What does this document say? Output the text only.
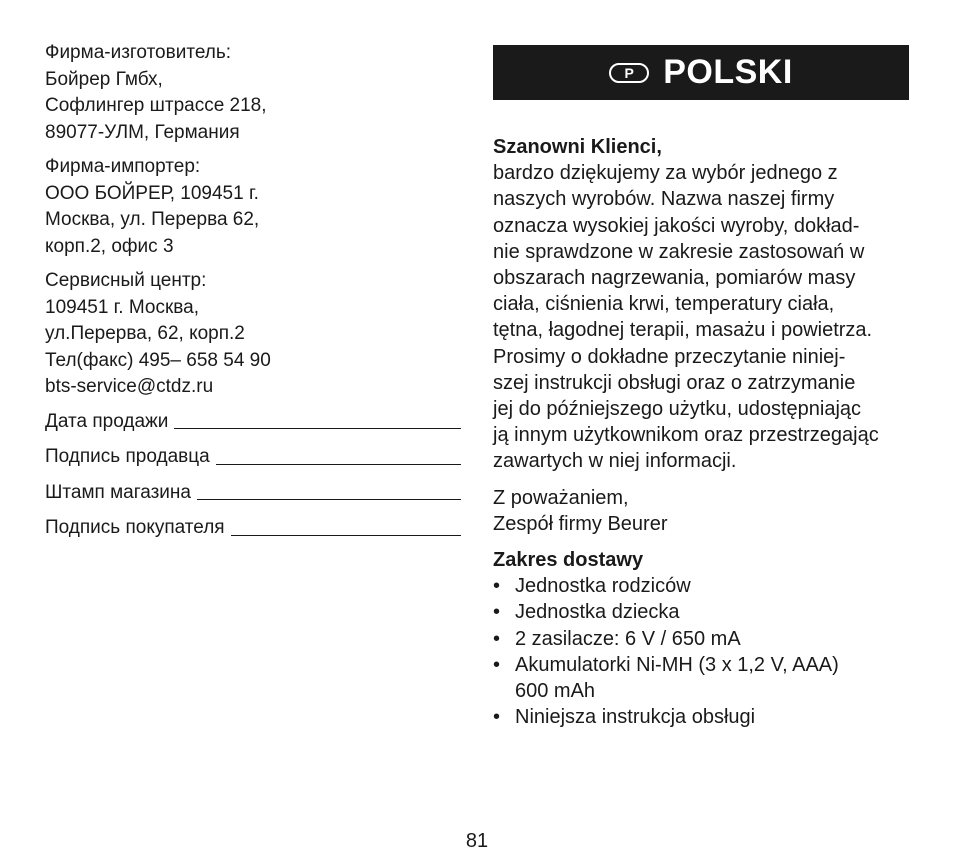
Фирма-изготовитель:
Бойрер Гмбх,
Софлингер штрассе 218,
89077-УЛМ, Германия
Фирма-импортер:
ООО БОЙРЕР, 109451 г.
Москва, ул. Перерва 62,
корп.2, офис 3
Сервисный центр:
109451 г. Москва,
ул.Перерва, 62, корп.2
Тел(факс) 495– 658 54 90
bts-service@ctdz.ru
Дата продажи
Подпись продавца
Штамп магазина
Подпись покупателя
P POLSKI
Szanowni Klienci,
bardzo dziękujemy za wybór jednego z
naszych wyrobów. Nazwa naszej firmy
oznacza wysokiej jakości wyroby, dokład-
nie sprawdzone w zakresie zastosowań w
obszarach nagrzewania, pomiarów masy
ciała, ciśnienia krwi, temperatury ciała,
tętna, łagodnej terapii, masażu i powietrza.
Prosimy o dokładne przeczytanie niniej-
szej instrukcji obsługi oraz o zatrzymanie
jej do późniejszego użytku, udostępniając
ją innym użytkownikom oraz przestrzegając
zawartych w niej informacji.
Z poważaniem,
Zespół firmy Beurer
Zakres dostawy
• Jednostka rodziców
• Jednostka dziecka
• 2 zasilacze: 6 V / 650 mA
• Akumulatorki Ni-MH (3 x 1,2 V, AAA)
600 mAh
• Niniejsza instrukcja obsługi
81
